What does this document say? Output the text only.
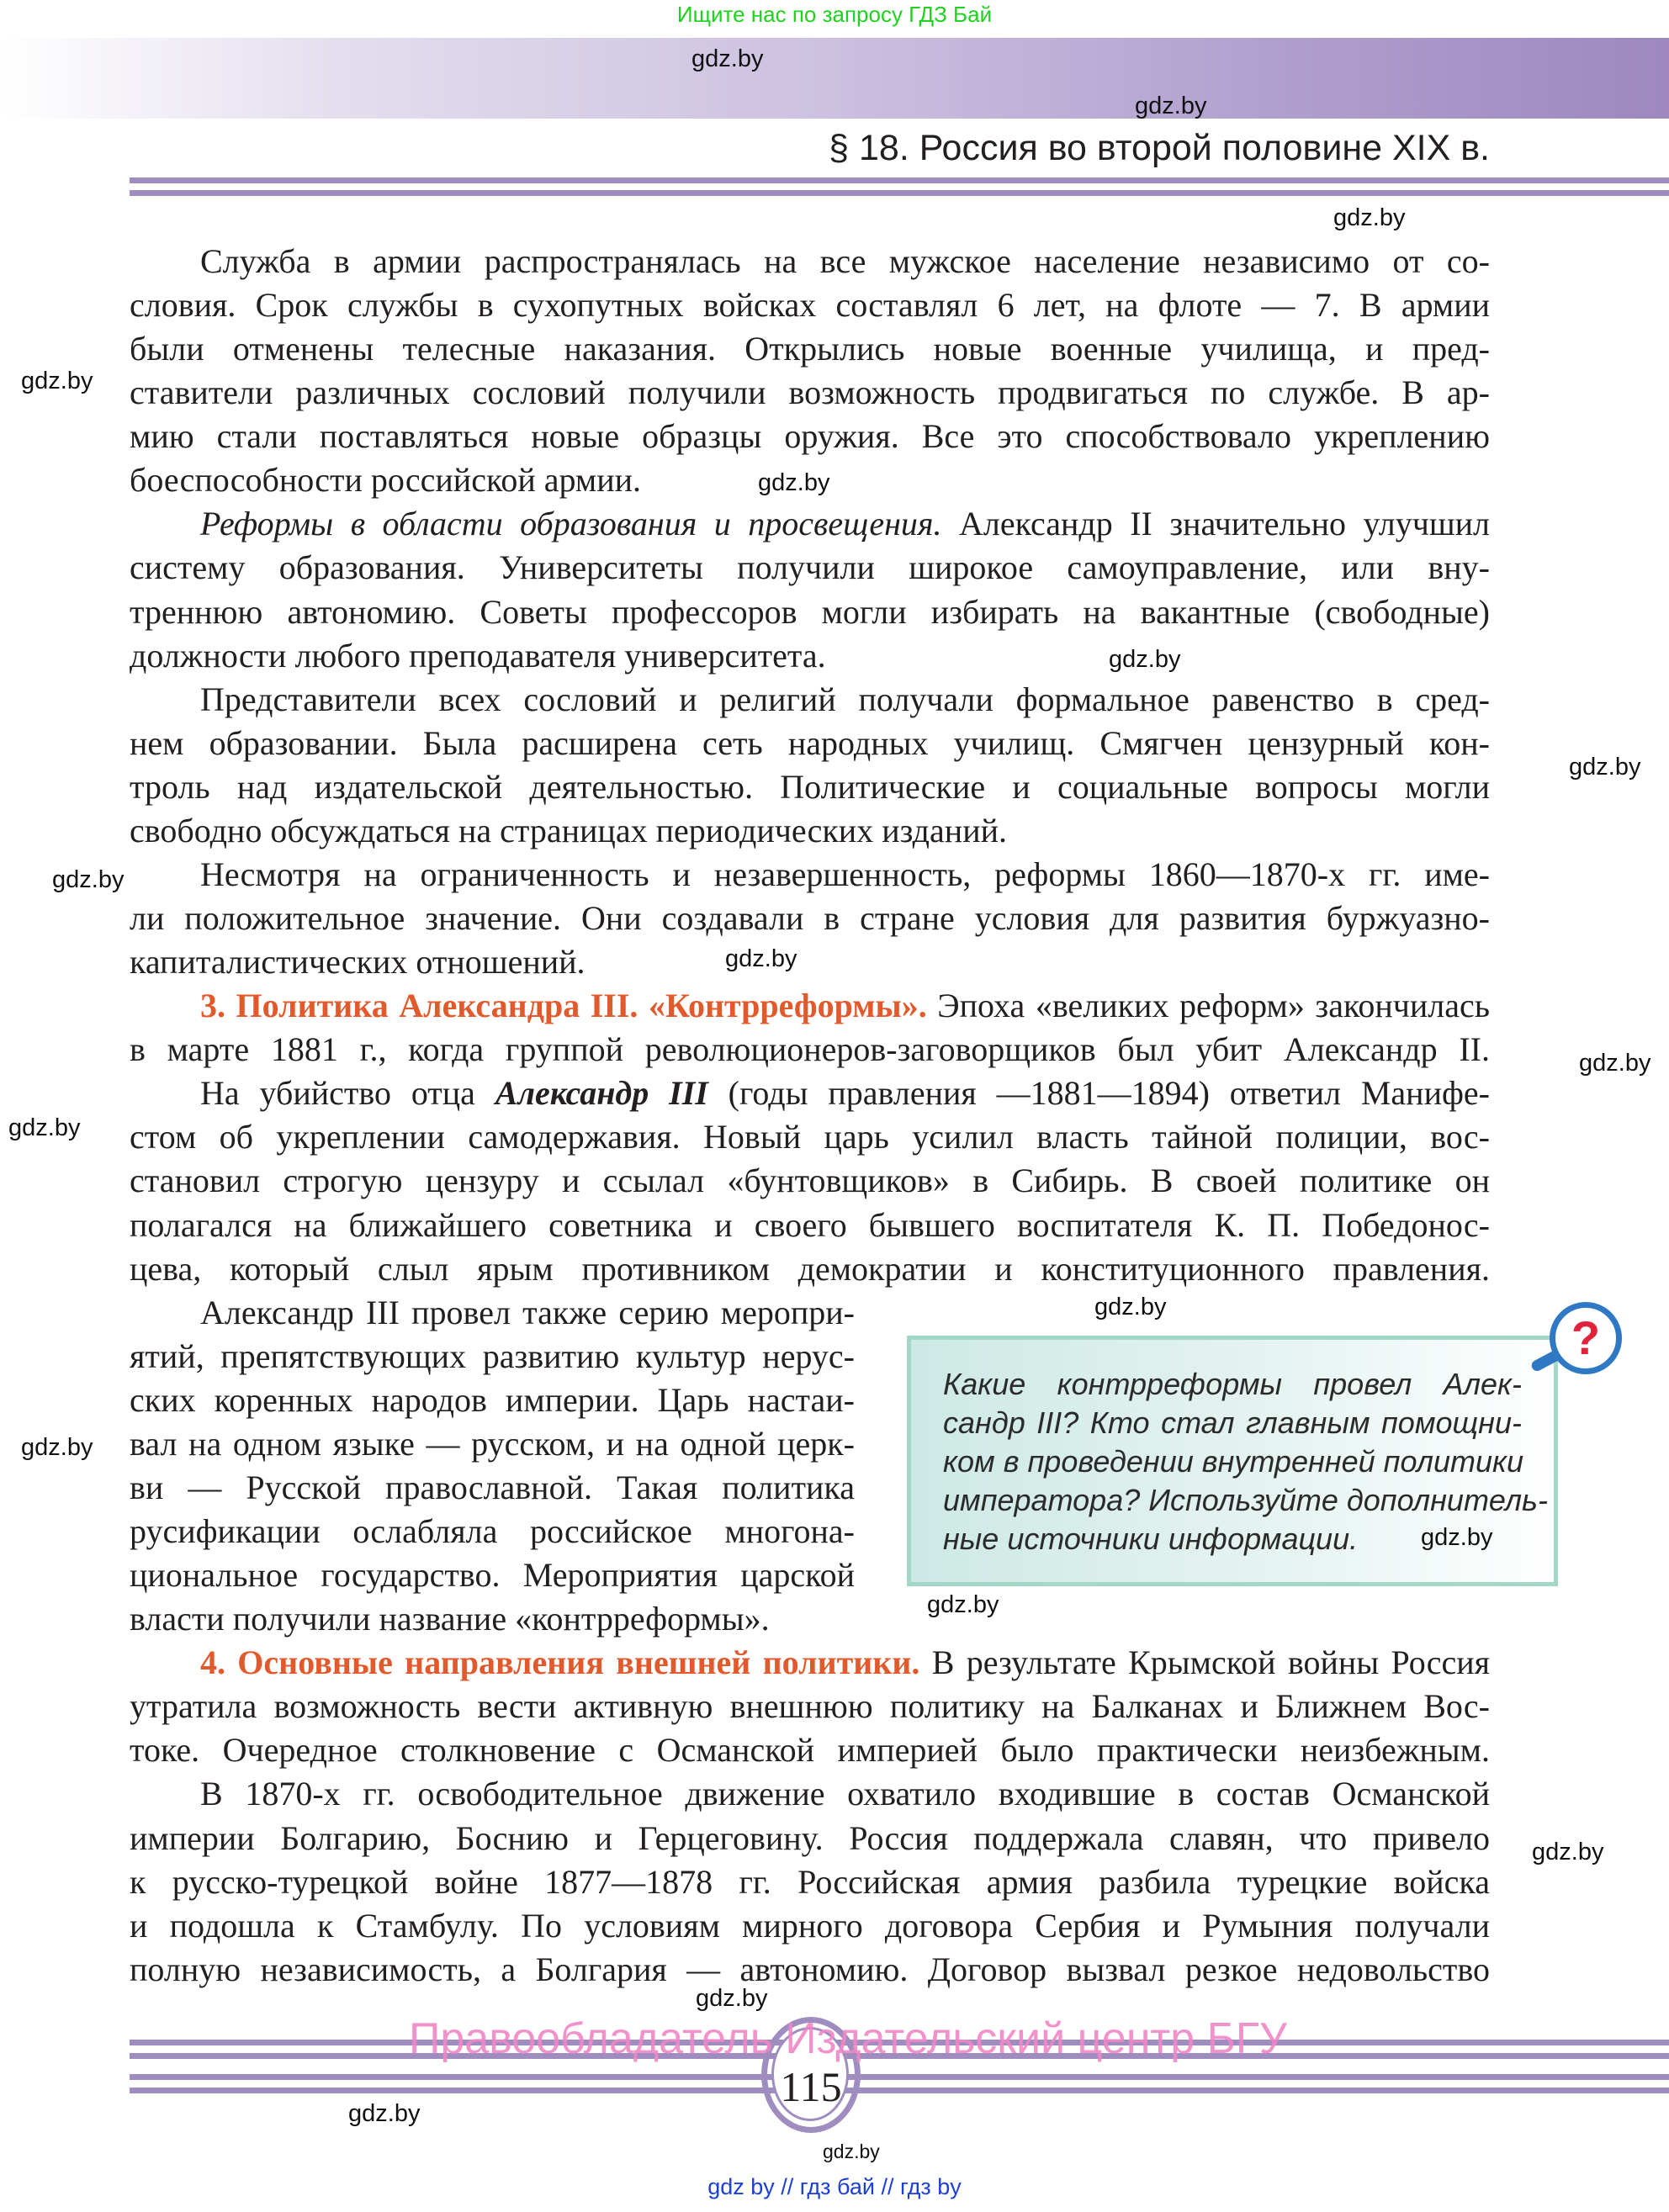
Ищите нас по запросу ГДЗ Бай
§ 18. Россия во второй половине XIX в.
Служба в армии распространялась на все мужское население независимо от со-
словия. Срок службы в сухопутных войсках составлял 6 лет, на флоте — 7. В армии
были отменены телесные наказания. Открылись новые военные училища, и пред-
ставители различных сословий получили возможность продвигаться по службе. В ар-
мию стали поставляться новые образцы оружия. Все это способствовало укреплению
боеспособности российской армии.
Реформы в области образования и просвещения. Александр II значительно улучшил
систему образования. Университеты получили широкое самоуправление, или вну-
треннюю автономию. Советы профессоров могли избирать на вакантные (свободные)
должности любого преподавателя университета.
Представители всех сословий и религий получали формальное равенство в сред-
нем образовании. Была расширена сеть народных училищ. Смягчен цензурный кон-
троль над издательской деятельностью. Политические и социальные вопросы могли
свободно обсуждаться на страницах периодических изданий.
Несмотря на ограниченность и незавершенность, реформы 1860—1870-х гг. име-
ли положительное значение. Они создавали в стране условия для развития буржуазно-
капиталистических отношений.
3. Политика Александра III. «Контрреформы». Эпоха «великих реформ» закончилась
в марте 1881 г., когда группой революционеров-заговорщиков был убит Александр II.
На убийство отца Александр III (годы правления —1881—1894) ответил Манифе-
стом об укреплении самодержавия. Новый царь усилил власть тайной полиции, вос-
становил строгую цензуру и ссылал «бунтовщиков» в Сибирь. В своей политике он
полагался на ближайшего советника и своего бывшего воспитателя К. П. Победонос-
цева, который слыл ярым противником демократии и конституционного правления.
Александр III провел также серию меропри-
ятий, препятствующих развитию культур нерус-
ских коренных народов империи. Царь настаи-
вал на одном языке — русском, и на одной церк-
ви — Русской православной. Такая политика
русификации ослабляла российское многона-
циональное государство. Мероприятия царской
власти получили название «контрреформы».
4. Основные направления внешней политики. В результате Крымской войны Россия
утратила возможность вести активную внешнюю политику на Балканах и Ближнем Вос-
токе. Очередное столкновение с Османской империей было практически неизбежным.
В 1870-х гг. освободительное движение охватило входившие в состав Османской
империи Болгарию, Боснию и Герцеговину. Россия поддержала славян, что привело
к русско-турецкой войне 1877—1878 гг. Российская армия разбила турецкие войска
и подошла к Стамбулу. По условиям мирного договора Сербия и Румыния получали
полную независимость, а Болгария — автономию. Договор вызвал резкое недовольство
Какие контрреформы провел Алек-
сандр III? Кто стал главным помощни-
ком в проведении внутренней политики
императора? Используйте дополнитель-
ные источники информации.
?
gdz.by
gdz.by
gdz.by
gdz.by
gdz.by
gdz.by
gdz.by
gdz.by
gdz.by
gdz.by
gdz.by
gdz.by
gdz.by
gdz.by
gdz.by
gdz.by
gdz.by
gdz.by
gdz.by
115
Правообладатель Издательский центр БГУ
gdz by // гдз бай // гдз by
